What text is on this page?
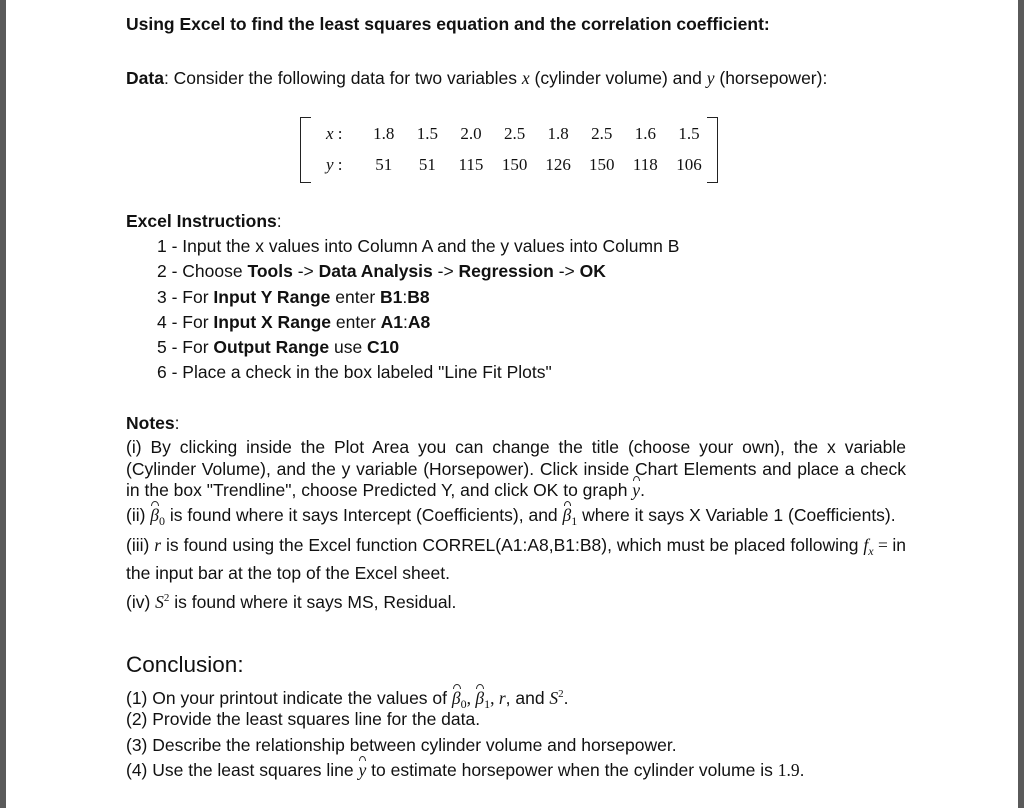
Using Excel to find the least squares equation and the correlation coefficient:
Data: Consider the following data for two variables x (cylinder volume) and y (horsepower):
x :	1.8	1.5	2.0	2.5	1.8	2.5	1.6	1.5
y :	51	51	115	150	126	150	118	106
Excel Instructions:
1 - Input the x values into Column A and the y values into Column B
2 - Choose Tools -> Data Analysis -> Regression -> OK
3 - For Input Y Range enter B1:B8
4 - For Input X Range enter A1:A8
5 - For Output Range use C10
6 - Place a check in the box labeled "Line Fit Plots"
Notes:
(i) By clicking inside the Plot Area you can change the title (choose your own), the x variable (Cylinder Volume), and the y variable (Horsepower). Click inside Chart Elements and place a check in the box "Trendline", choose Predicted Y, and click OK to graph y.
(ii) $\beta_0$ is found where it says Intercept (Coefficients), and $\beta_1$ where it says X Variable 1 (Coefficients).
(iii) r is found using the Excel function CORREL(A1:A8,B1:B8), which must be placed following $f_x$ = in the input bar at the top of the Excel sheet.
(iv) $S^2$ is found where it says MS, Residual.
Conclusion:
(1) On your printout indicate the values of $\beta_0$, $\beta_1$, r, and $S^2$.
(2) Provide the least squares line for the data.
(3) Describe the relationship between cylinder volume and horsepower.
(4) Use the least squares line y to estimate horsepower when the cylinder volume is 1.9.
